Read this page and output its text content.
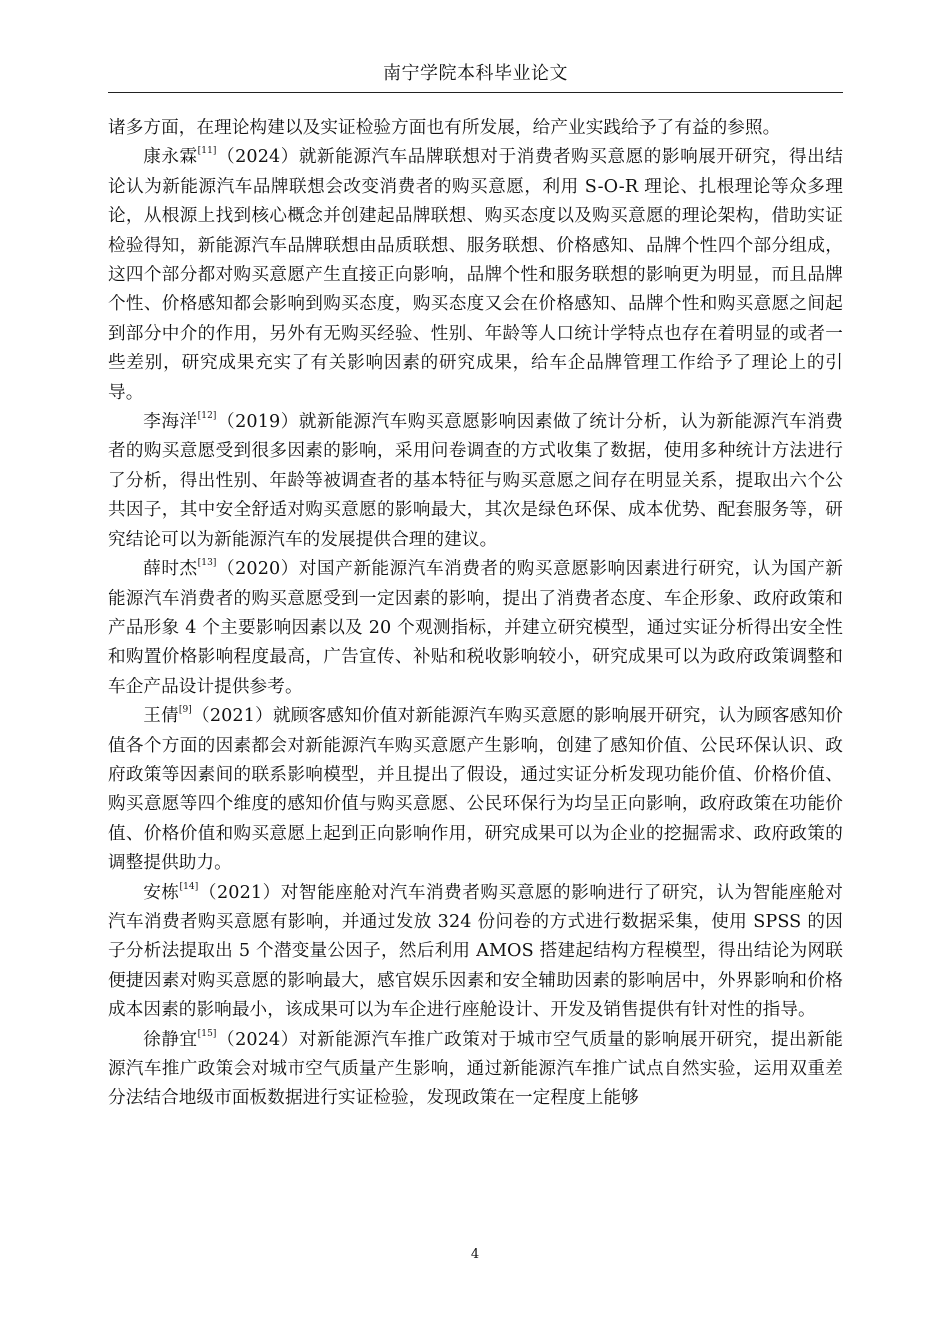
南宁学院本科毕业论文

诸多方面，在理论构建以及实证检验方面也有所发展，给产业实践给予了有益的参照。

康永霖[11]（2024）就新能源汽车品牌联想对于消费者购买意愿的影响展开研究，得出结论认为新能源汽车品牌联想会改变消费者的购买意愿，利用 S-O-R 理论、扎根理论等众多理论，从根源上找到核心概念并创建起品牌联想、购买态度以及购买意愿的理论架构，借助实证检验得知，新能源汽车品牌联想由品质联想、服务联想、价格感知、品牌个性四个部分组成，这四个部分都对购买意愿产生直接正向影响，品牌个性和服务联想的影响更为明显，而且品牌个性、价格感知都会影响到购买态度，购买态度又会在价格感知、品牌个性和购买意愿之间起到部分中介的作用，另外有无购买经验、性别、年龄等人口统计学特点也存在着明显的或者一些差别，研究成果充实了有关影响因素的研究成果，给车企品牌管理工作给予了理论上的引导。

李海洋[12]（2019）就新能源汽车购买意愿影响因素做了统计分析，认为新能源汽车消费者的购买意愿受到很多因素的影响，采用问卷调查的方式收集了数据，使用多种统计方法进行了分析，得出性别、年龄等被调查者的基本特征与购买意愿之间存在明显关系，提取出六个公共因子，其中安全舒适对购买意愿的影响最大，其次是绿色环保、成本优势、配套服务等，研究结论可以为新能源汽车的发展提供合理的建议。

薛时杰[13]（2020）对国产新能源汽车消费者的购买意愿影响因素进行研究，认为国产新能源汽车消费者的购买意愿受到一定因素的影响，提出了消费者态度、车企形象、政府政策和产品形象 4 个主要影响因素以及 20 个观测指标，并建立研究模型，通过实证分析得出安全性和购置价格影响程度最高，广告宣传、补贴和税收影响较小，研究成果可以为政府政策调整和车企产品设计提供参考。

王倩[9]（2021）就顾客感知价值对新能源汽车购买意愿的影响展开研究，认为顾客感知价值各个方面的因素都会对新能源汽车购买意愿产生影响，创建了感知价值、公民环保认识、政府政策等因素间的联系影响模型，并且提出了假设，通过实证分析发现功能价值、价格价值、购买意愿等四个维度的感知价值与购买意愿、公民环保行为均呈正向影响，政府政策在功能价值、价格价值和购买意愿上起到正向影响作用，研究成果可以为企业的挖掘需求、政府政策的调整提供助力。

安栋[14]（2021）对智能座舱对汽车消费者购买意愿的影响进行了研究，认为智能座舱对汽车消费者购买意愿有影响，并通过发放 324 份问卷的方式进行数据采集，使用 SPSS 的因子分析法提取出 5 个潜变量公因子，然后利用 AMOS 搭建起结构方程模型，得出结论为网联便捷因素对购买意愿的影响最大，感官娱乐因素和安全辅助因素的影响居中，外界影响和价格成本因素的影响最小，该成果可以为车企进行座舱设计、开发及销售提供有针对性的指导。

徐静宜[15]（2024）对新能源汽车推广政策对于城市空气质量的影响展开研究，提出新能源汽车推广政策会对城市空气质量产生影响，通过新能源汽车推广试点自然实验，运用双重差分法结合地级市面板数据进行实证检验，发现政策在一定程度上能够

4
